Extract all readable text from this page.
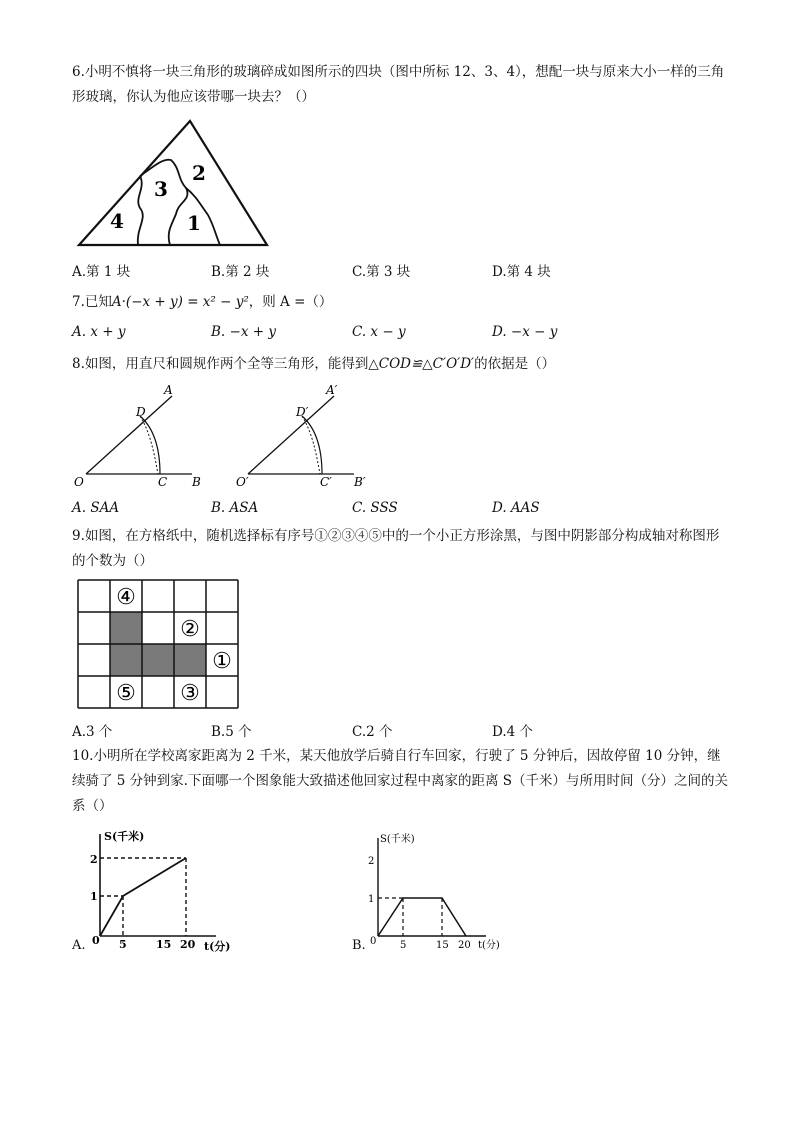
6.小明不慎将一块三角形的玻璃碎成如图所示的四块（图中所标 12、3、4），想配一块与原来大小一样的三角形玻璃，你认为他应该带哪一块去？（）
4
3
2
1
A.第 1 块	B.第 2 块	C.第 3 块	D.第 4 块
7.已知A·(−x + y) = x² − y²，则 A =（）
A. x + y	B. −x + y	C. x − y	D. −x − y
8.如图，用直尺和圆规作两个全等三角形，能得到△COD≌△C′O′D′的依据是（）
A
D
O	C B
A′
D′
O′	C′ B′
A. SAA	B. ASA	C. SSS	D. AAS
9.如图，在方格纸中，随机选择标有序号①②③④⑤中的一个小正方形涂黑，与图中阴影部分构成轴对称图形的个数为（）
④
②
①
⑤ ③
A.3 个	B.5 个	C.2 个	D.4 个
10.小明所在学校离家距离为 2 千米，某天他放学后骑自行车回家，行驶了 5 分钟后，因故停留 10 分钟，继续骑了 5 分钟到家.下面哪一个图象能大致描述他回家过程中离家的距离 S（千米）与所用时间（分）之间的关系（）
A.
S(千米)
t(分)
2
1
0 5	15 20	B.
S(千米)
t(分)
2
1
0 5	15 20
